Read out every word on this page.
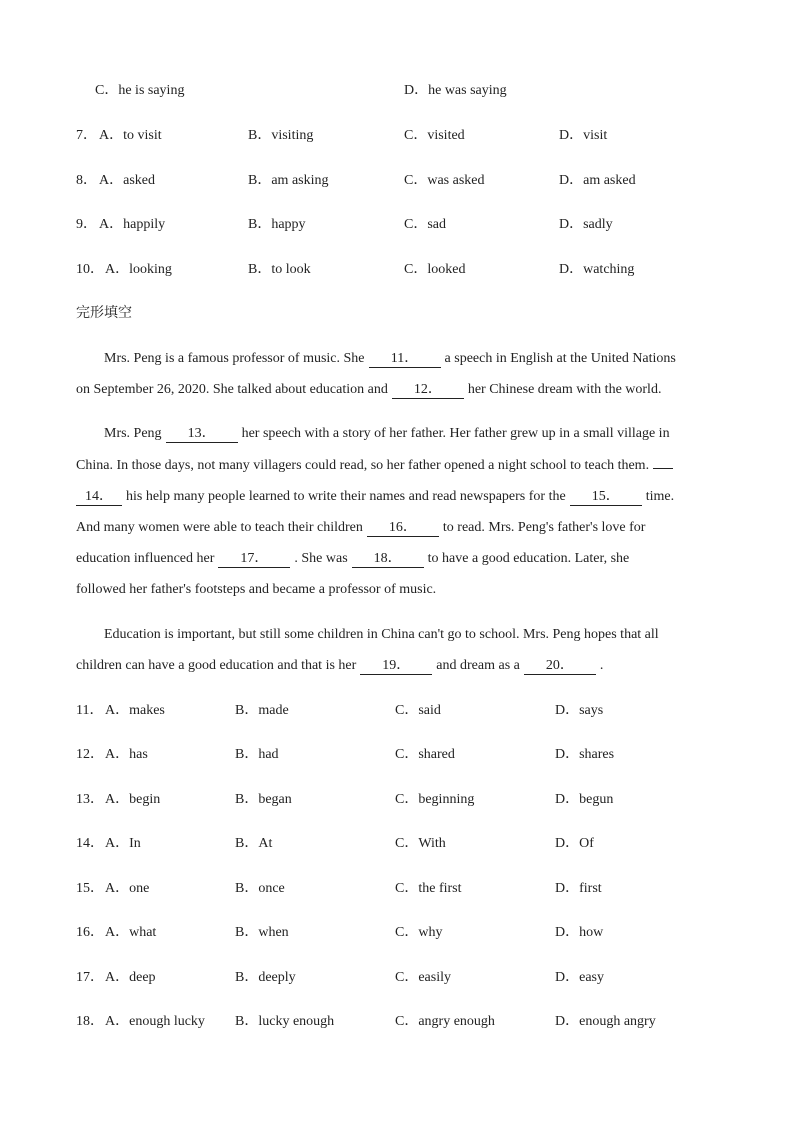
C．he is saying	D．he was saying
7． A．to visit	B．visiting	C．visited	D．visit
8． A．asked	B．am asking	C．was asked	D．am asked
9． A．happily	B．happy	C．sad	D．sadly
10． A．looking	B．to look	C．looked	D．watching
完形填空
Mrs. Peng is a famous professor of music. She 11． a speech in English at the United Nations
on September 26, 2020. She talked about education and 12． her Chinese dream with the world.
Mrs. Peng 13． her speech with a story of her father. Her father grew up in a small village in
China. In those days, not many villagers could read, so her father opened a night school to teach them.
14． his help many people learned to write their names and read newspapers for the 15． time.
And many women were able to teach their children 16． to read. Mrs. Peng's father's love for
education influenced her 17． . She was 18． to have a good education. Later, she
followed her father's footsteps and became a professor of music.
Education is important, but still some children in China can't go to school. Mrs. Peng hopes that all
children can have a good education and that is her 19． and dream as a 20． .
11． A．makes	B．made	C．said	D．says
12． A．has	B．had	C．shared	D．shares
13． A．begin	B．began	C．beginning	D．begun
14． A．In	B．At	C．With	D．Of
15． A．one	B．once	C．the first	D．first
16． A．what	B．when	C．why	D．how
17． A．deep	B．deeply	C．easily	D．easy
18． A．enough lucky B．lucky enough	C．angry enough	D．enough angry
